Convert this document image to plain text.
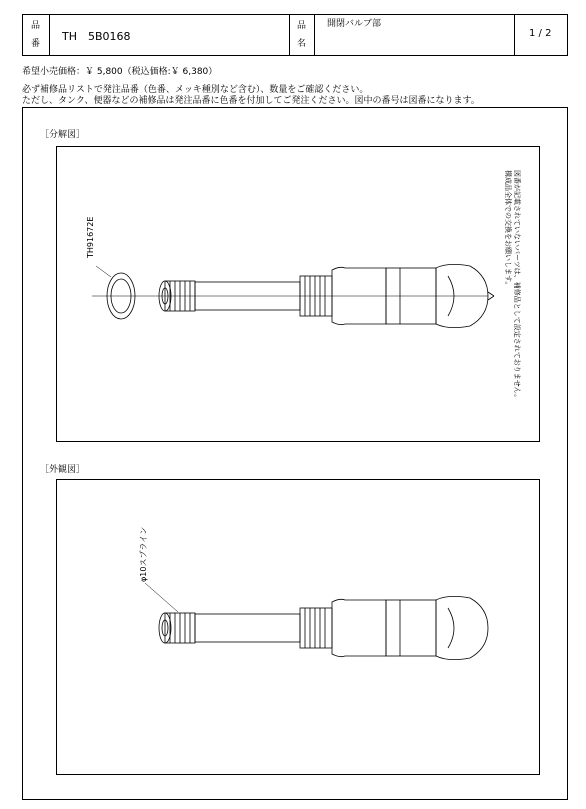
品
番
TH　5B0168
品
名
開閉バルブ部
1 / 2
希望小売価格：￥ 5,800（税込価格:￥ 6,380）
必ず補修品リストで発注品番（色番、メッキ種別など含む）、数量をご確認ください。
ただし、タンク、便器などの補修品は発注品番に色番を付加してご発注ください。図中の番号は図番になります。
［分解図］
［外観図］
TH91672E
φ10スプライン
図番が記載されていないパーツは、補修品として設定されておりません。
構成品全体での交換をお願いします。
